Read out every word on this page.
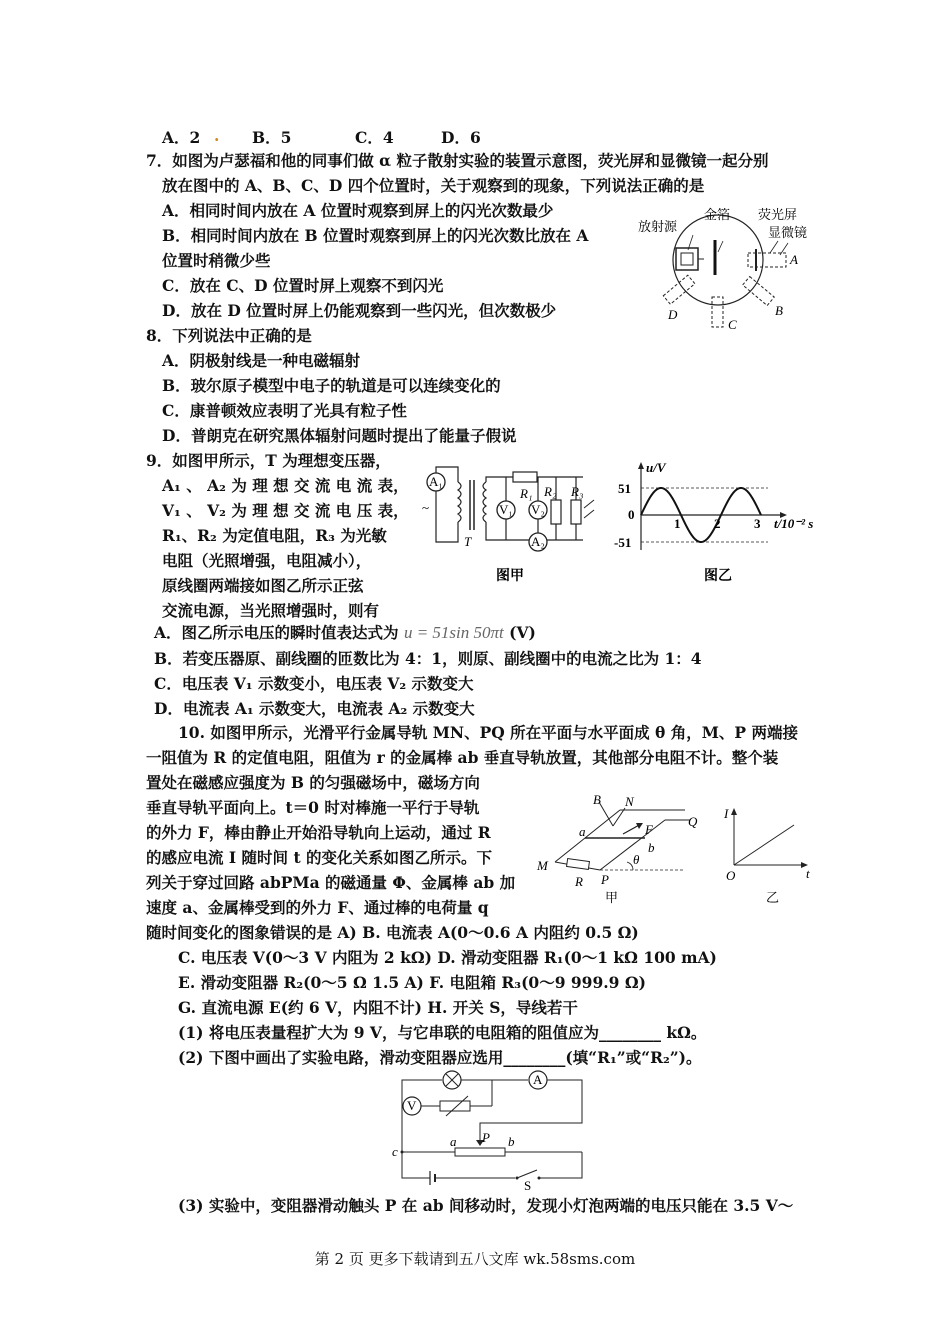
A．2 . B．5	C．4	D．6
7．如图为卢瑟福和他的同事们做 α 粒子散射实验的装置示意图，荧光屏和显微镜一起分别
放在图中的 A、B、C、D 四个位置时，关于观察到的现象，下列说法正确的是
A．相同时间内放在 A 位置时观察到屏上的闪光次数最少
B．相同时间内放在 B 位置时观察到屏上的闪光次数比放在 A
位置时稍微少些
C．放在 C、D 位置时屏上观察不到闪光
D．放在 D 位置时屏上仍能观察到一些闪光，但次数极少
放射源
金箔 荧光屏
显微镜
A
B
C
D
8．下列说法中正确的是
A．阴极射线是一种电磁辐射
B．玻尔原子模型中电子的轨道是可以连续变化的
C．康普顿效应表明了光具有粒子性
D．普朗克在研究黑体辐射问题时提出了能量子假说
9．如图甲所示，T 为理想变压器，
A₁ 、 A₂ 为 理 想 交 流 电 流 表，
V₁ 、 V₂ 为 理 想 交 流 电 压 表，
R₁、R₂ 为定值电阻，R₃ 为光敏
电阻（光照增强，电阻减小），
原线圈两端接如图乙所示正弦
交流电源，当光照增强时，则有
A₁
~
T
V₁
R₁
A₂
V₂
R₂ R₃
图甲
u/V
51
0
-51
1	2	3 t/10⁻² s
图乙
A．图乙所示电压的瞬时值表达式为 u = 51sin 50πt (V)
B．若变压器原、副线圈的匝数比为 4：1，则原、副线圈中的电流之比为 1：4
C．电压表 V₁ 示数变小，电压表 V₂ 示数变大
D．电流表 A₁ 示数变大，电流表 A₂ 示数变大
10. 如图甲所示，光滑平行金属导轨 MN、PQ 所在平面与水平面成 θ 角，M、P 两端接
一阻值为 R 的定值电阻，阻值为 r 的金属棒 ab 垂直导轨放置，其他部分电阻不计。整个装
置处在磁感应强度为 B 的匀强磁场中，磁场方向
垂直导轨平面向上。t＝0 时对棒施一平行于导轨
的外力 F，棒由静止开始沿导轨向上运动，通过 R
的感应电流 I 随时间 t 的变化关系如图乙所示。下
列关于穿过回路 abPMa 的磁通量 Φ、金属棒 ab 加
速度 a、金属棒受到的外力 F、通过棒的电荷量 q
随时间变化的图象错误的是 A) B. 电流表 A(0～0.6 A 内阻约 0.5 Ω)
B N
a	F
Q
b
θ
M
R P
甲
I
O	t
乙
C. 电压表 V(0～3 V 内阻为 2 kΩ) D. 滑动变阻器 R₁(0～1 kΩ 100 mA)
E. 滑动变阻器 R₂(0～5 Ω 1.5 A) F. 电阻箱 R₃(0～9 999.9 Ω)
G. 直流电源 E(约 6 V，内阻不计) H. 开关 S，导线若干
(1) 将电压表量程扩大为 9 V，与它串联的电阻箱的阻值应为________ kΩ。
(2) 下图中画出了实验电路，滑动变阻器应选用________(填“R₁”或“R₂”)。
A
V
c
a P b
S
(3) 实验中，变阻器滑动触头 P 在 ab 间移动时，发现小灯泡两端的电压只能在 3.5 V～
第 2 页 更多下载请到五八文库 wk.58sms.com
